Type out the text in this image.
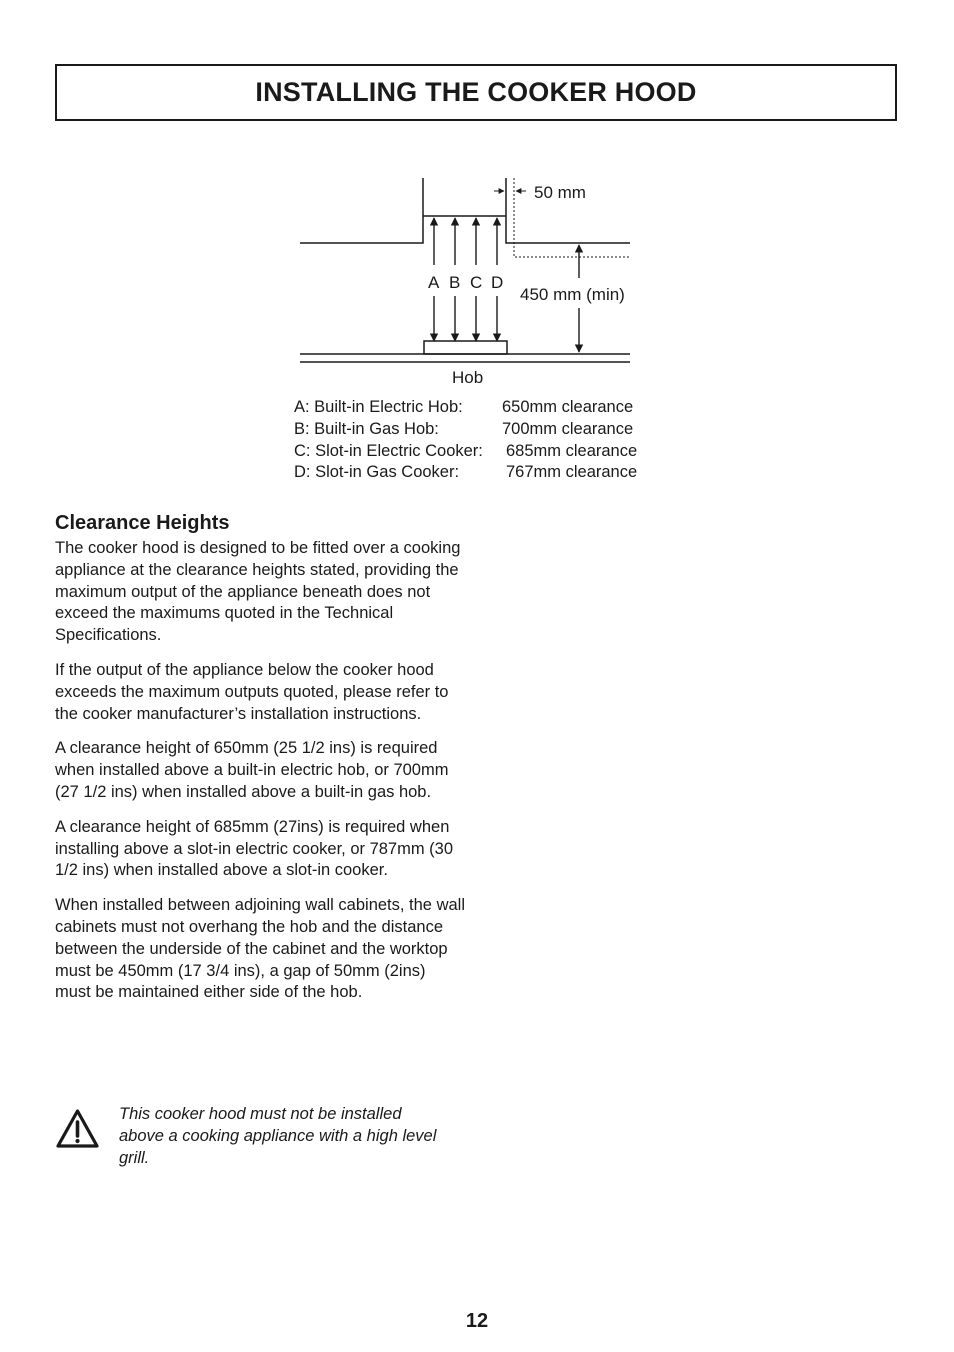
INSTALLING THE COOKER HOOD
50 mm
A B C D
450 mm (min)
Hob
A: Built-in Electric Hob: 650mm clearance
B: Built-in Gas Hob:	700mm clearance
C: Slot-in Electric Cooker: 685mm clearance
D: Slot-in Gas Cooker:	767mm clearance
Clearance Heights

The cooker hood is designed to be fitted over a cooking appliance at the clearance heights stated, providing the maximum output of the appliance beneath does not exceed the maximums quoted in the Technical Specifications.

If the output of the appliance below the cooker hood exceeds the maximum outputs quoted, please refer to the cooker manufacturer’s installation instructions.

A clearance height of 650mm (25 1/2 ins) is required when installed above a built-in electric hob, or 700mm (27 1/2 ins) when installed above a built-in gas hob.

A clearance height of 685mm (27ins) is required when installing above a slot-in electric cooker, or 787mm (30 1/2 ins) when installed above a slot-in cooker.

When installed between adjoining wall cabinets, the wall cabinets must not overhang the hob and the distance between the underside of the cabinet and the worktop must be 450mm (17 3/4 ins), a gap of 50mm (2ins) must be maintained either side of the hob.

This cooker hood must not be installed above a cooking appliance with a high level grill.
12
